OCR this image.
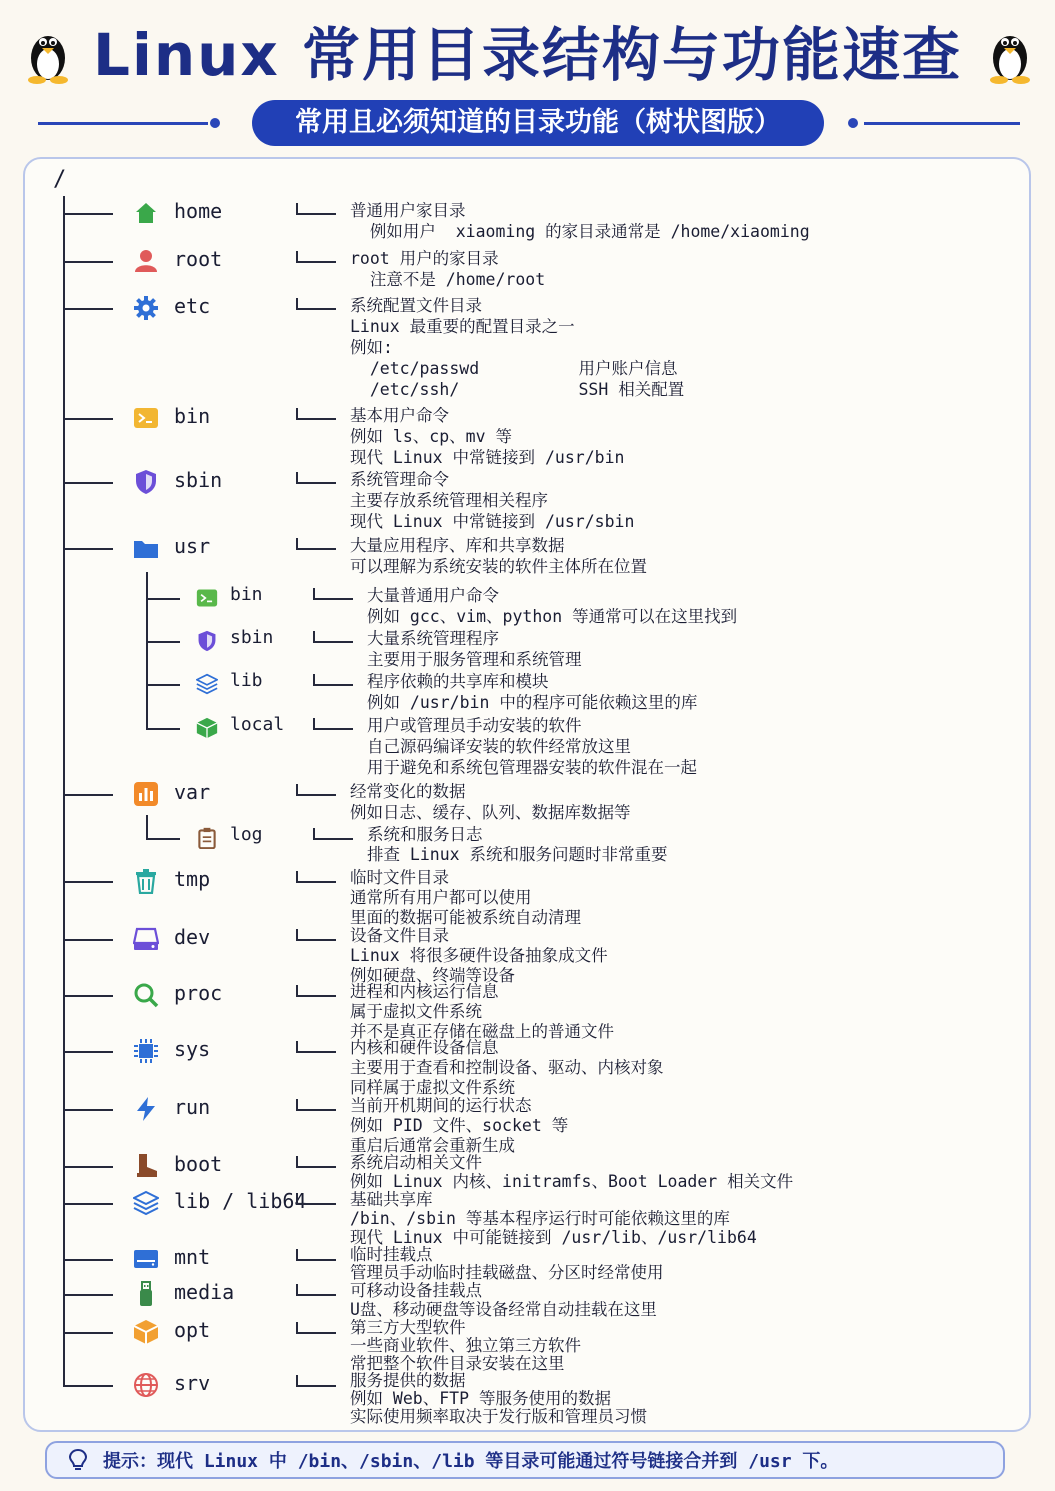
Linux 常用目录结构与功能速查
常用且必须知道的目录功能（树状图版）
/
home	普通用户家目录
例如用户  xiaoming 的家目录通常是 /home/xiaoming
root	root 用户的家目录
注意不是 /home/root
etc	系统配置文件目录
Linux 最重要的配置目录之一
例如:
/etc/passwd          用户账户信息
/etc/ssh/            SSH 相关配置
bin	基本用户命令
例如 ls、cp、mv 等
现代 Linux 中常链接到 /usr/bin
sbin	系统管理命令
主要存放系统管理相关程序
现代 Linux 中常链接到 /usr/sbin
usr	大量应用程序、库和共享数据
可以理解为系统安装的软件主体所在位置
bin	大量普通用户命令
例如 gcc、vim、python 等通常可以在这里找到
sbin	大量系统管理程序
主要用于服务管理和系统管理
lib	程序依赖的共享库和模块
例如 /usr/bin 中的程序可能依赖这里的库
local	用户或管理员手动安装的软件
自己源码编译安装的软件经常放这里
用于避免和系统包管理器安装的软件混在一起
var	经常变化的数据
例如日志、缓存、队列、数据库数据等
log	系统和服务日志
排查 Linux 系统和服务问题时非常重要
tmp	临时文件目录
通常所有用户都可以使用
里面的数据可能被系统自动清理
dev	设备文件目录
Linux 将很多硬件设备抽象成文件
例如硬盘、终端等设备
proc	进程和内核运行信息
属于虚拟文件系统
并不是真正存储在磁盘上的普通文件
sys	内核和硬件设备信息
主要用于查看和控制设备、驱动、内核对象
同样属于虚拟文件系统
run	当前开机期间的运行状态
例如 PID 文件、socket 等
重启后通常会重新生成
boot	系统启动相关文件
例如 Linux 内核、initramfs、Boot Loader 相关文件
lib / lib64	基础共享库
/bin、/sbin 等基本程序运行时可能依赖这里的库
现代 Linux 中可能链接到 /usr/lib、/usr/lib64
mnt	临时挂载点
管理员手动临时挂载磁盘、分区时经常使用
media	可移动设备挂载点
U盘、移动硬盘等设备经常自动挂载在这里
opt	第三方大型软件
一些商业软件、独立第三方软件
常把整个软件目录安装在这里
srv	服务提供的数据
例如 Web、FTP 等服务使用的数据
实际使用频率取决于发行版和管理员习惯
提示：现代 Linux 中 /bin、/sbin、/lib 等目录可能通过符号链接合并到 /usr 下。
